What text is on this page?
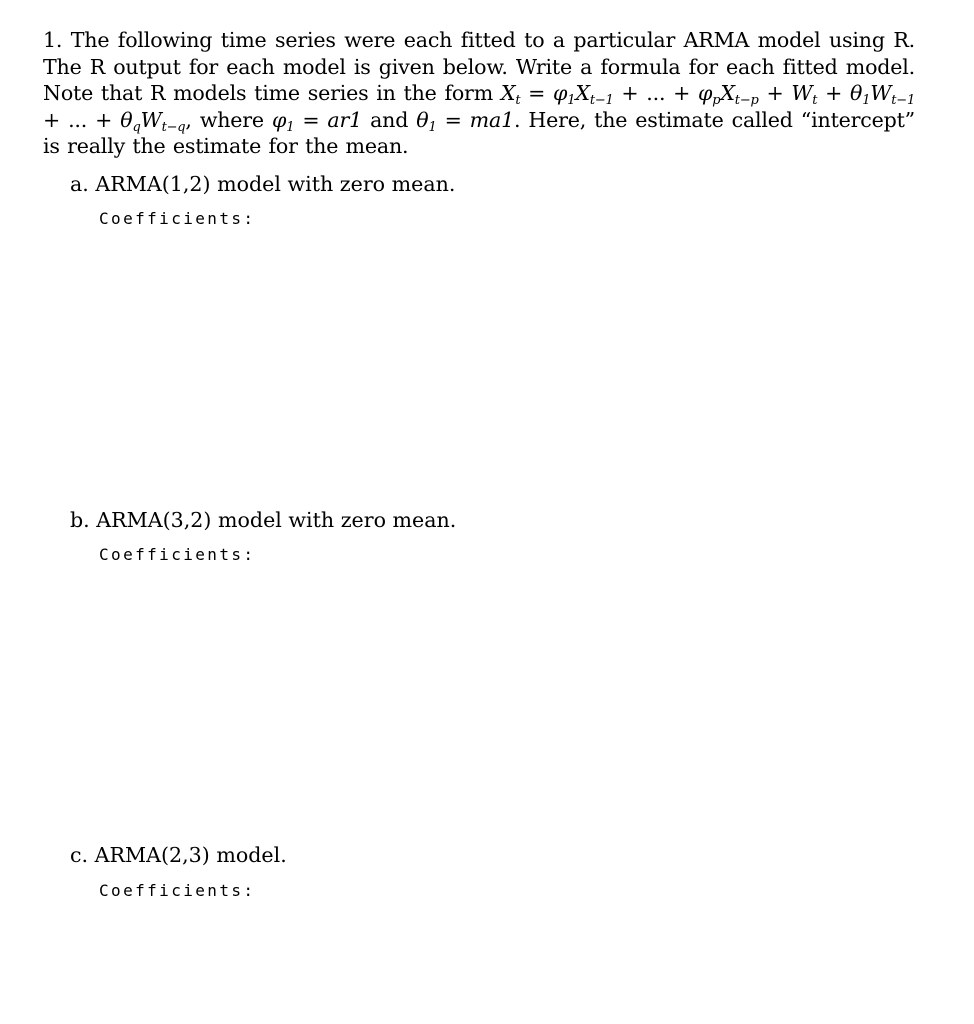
1. The following time series were each fitted to a particular ARMA model using R. The R output for each model is given below. Write a formula for each fitted model. Note that R models time series in the form $X_t = \varphi_1X_{t-1}$ + ... + $\varphi_pX_{t-p} + W_t + \theta_1W_{t-1}$ + ... + $\theta_qW_{t-q}$, where $\varphi_1 = ar1$ and $\theta_1 = ma1$. Here, the estimate called “intercept” is really the estimate for the mean.
a. ARMA(1,2) model with zero mean.
Coefficients:
b. ARMA(3,2) model with zero mean.
Coefficients:
c. ARMA(2,3) model.
Coefficients:
